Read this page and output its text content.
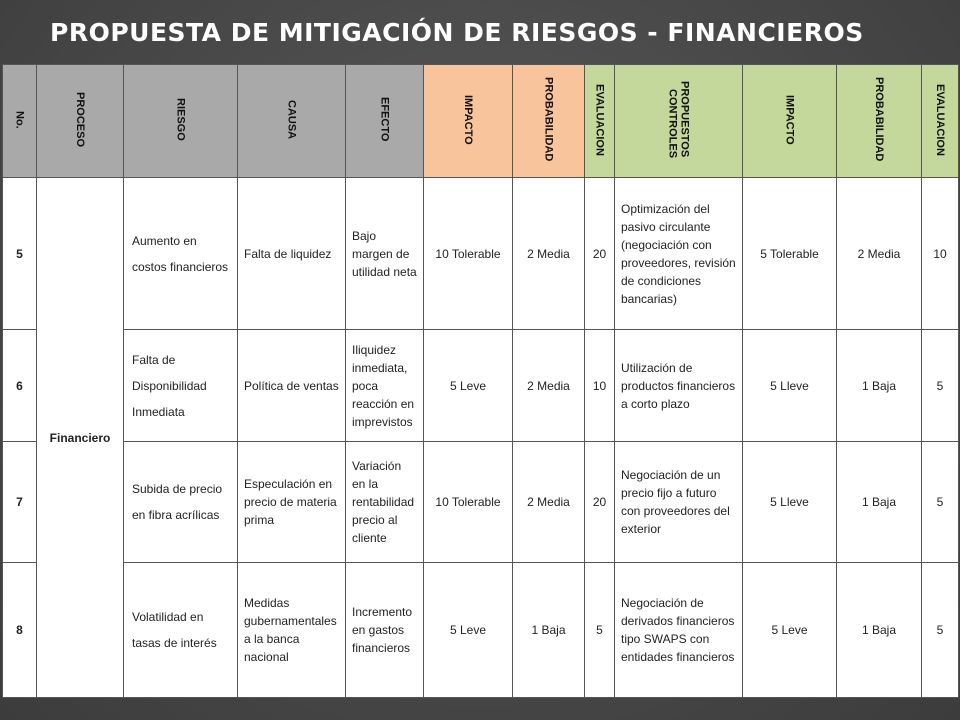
PROPUESTA DE MITIGACIÓN DE RIESGOS - FINANCIEROS
No.	PROCESO	RIESGO	CAUSA	EFECTO	IMPACTO	PROBABILIDAD	EVALUACION	CONTROLESPROPUESTOS	IMPACTO	PROBABILIDAD	EVALUACION
5	Financiero	Aumento en costos financieros	Falta de liquidez	Bajo margen de utilidad neta	10 Tolerable	2 Media	20	Optimización del pasivo circulante (negociación con proveedores, revisión de condiciones bancarias)	5 Tolerable	2 Media	10
6		Falta de Disponibilidad Inmediata	Política de ventas	Iliquidez inmediata, poca reacción en imprevistos	5 Leve	2 Media	10	Utilización de productos financieros a corto plazo	5 Lleve	1 Baja	5
7		Subida de precio en fibra acrílicas	Especulación en precio de materia prima	Variación en la rentabilidad precio al cliente	10 Tolerable	2 Media	20	Negociación de un precio fijo a futuro con proveedores del exterior	5 Lleve	1 Baja	5
8		Volatilidad en tasas de interés	Medidas gubernamentales a la banca nacional	Incremento en gastos financieros	5 Leve	1 Baja	5	Negociación de derivados financieros tipo SWAPS con entidades financieros	5 Leve	1 Baja	5
